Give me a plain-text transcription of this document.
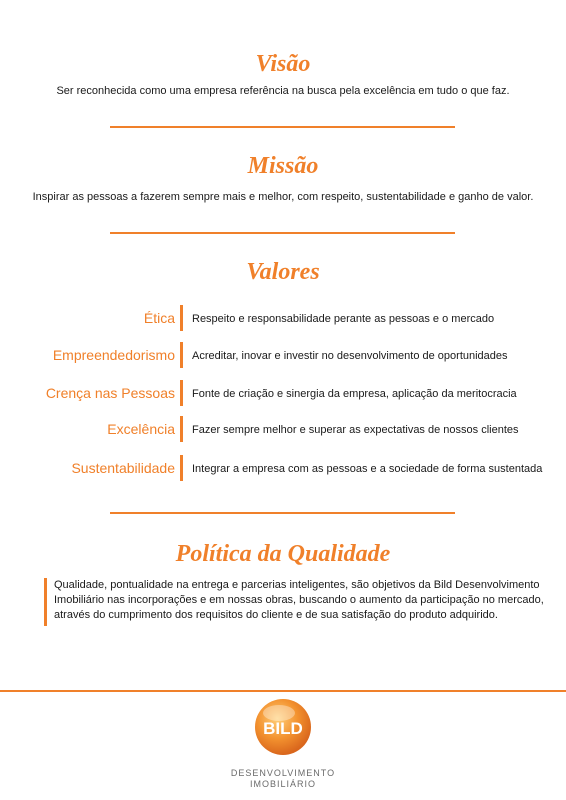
Visão

Ser reconhecida como uma empresa referência na busca pela excelência em tudo o que faz.

Missão

Inspirar as pessoas a fazerem sempre mais e melhor, com respeito, sustentabilidade e ganho de valor.

Valores
Ética Respeito e responsabilidade perante as pessoas e o mercado
Empreendedorismo Acreditar, inovar e investir no desenvolvimento de oportunidades
Crença nas Pessoas Fonte de criação e sinergia da empresa, aplicação da meritocracia
Excelência Fazer sempre melhor e superar as expectativas de nossos clientes
Sustentabilidade Integrar a empresa com as pessoas e a sociedade de forma sustentada
Política da Qualidade

Qualidade, pontualidade na entrega e parcerias inteligentes, são objetivos da Bild Desenvolvimento Imobiliário nas incorporações e em nossas obras, buscando o aumento da participação no mercado, através do cumprimento dos requisitos do cliente e de sua satisfação do produto adquirido.

BILD

DESENVOLVIMENTO

IMOBILIÁRIO
